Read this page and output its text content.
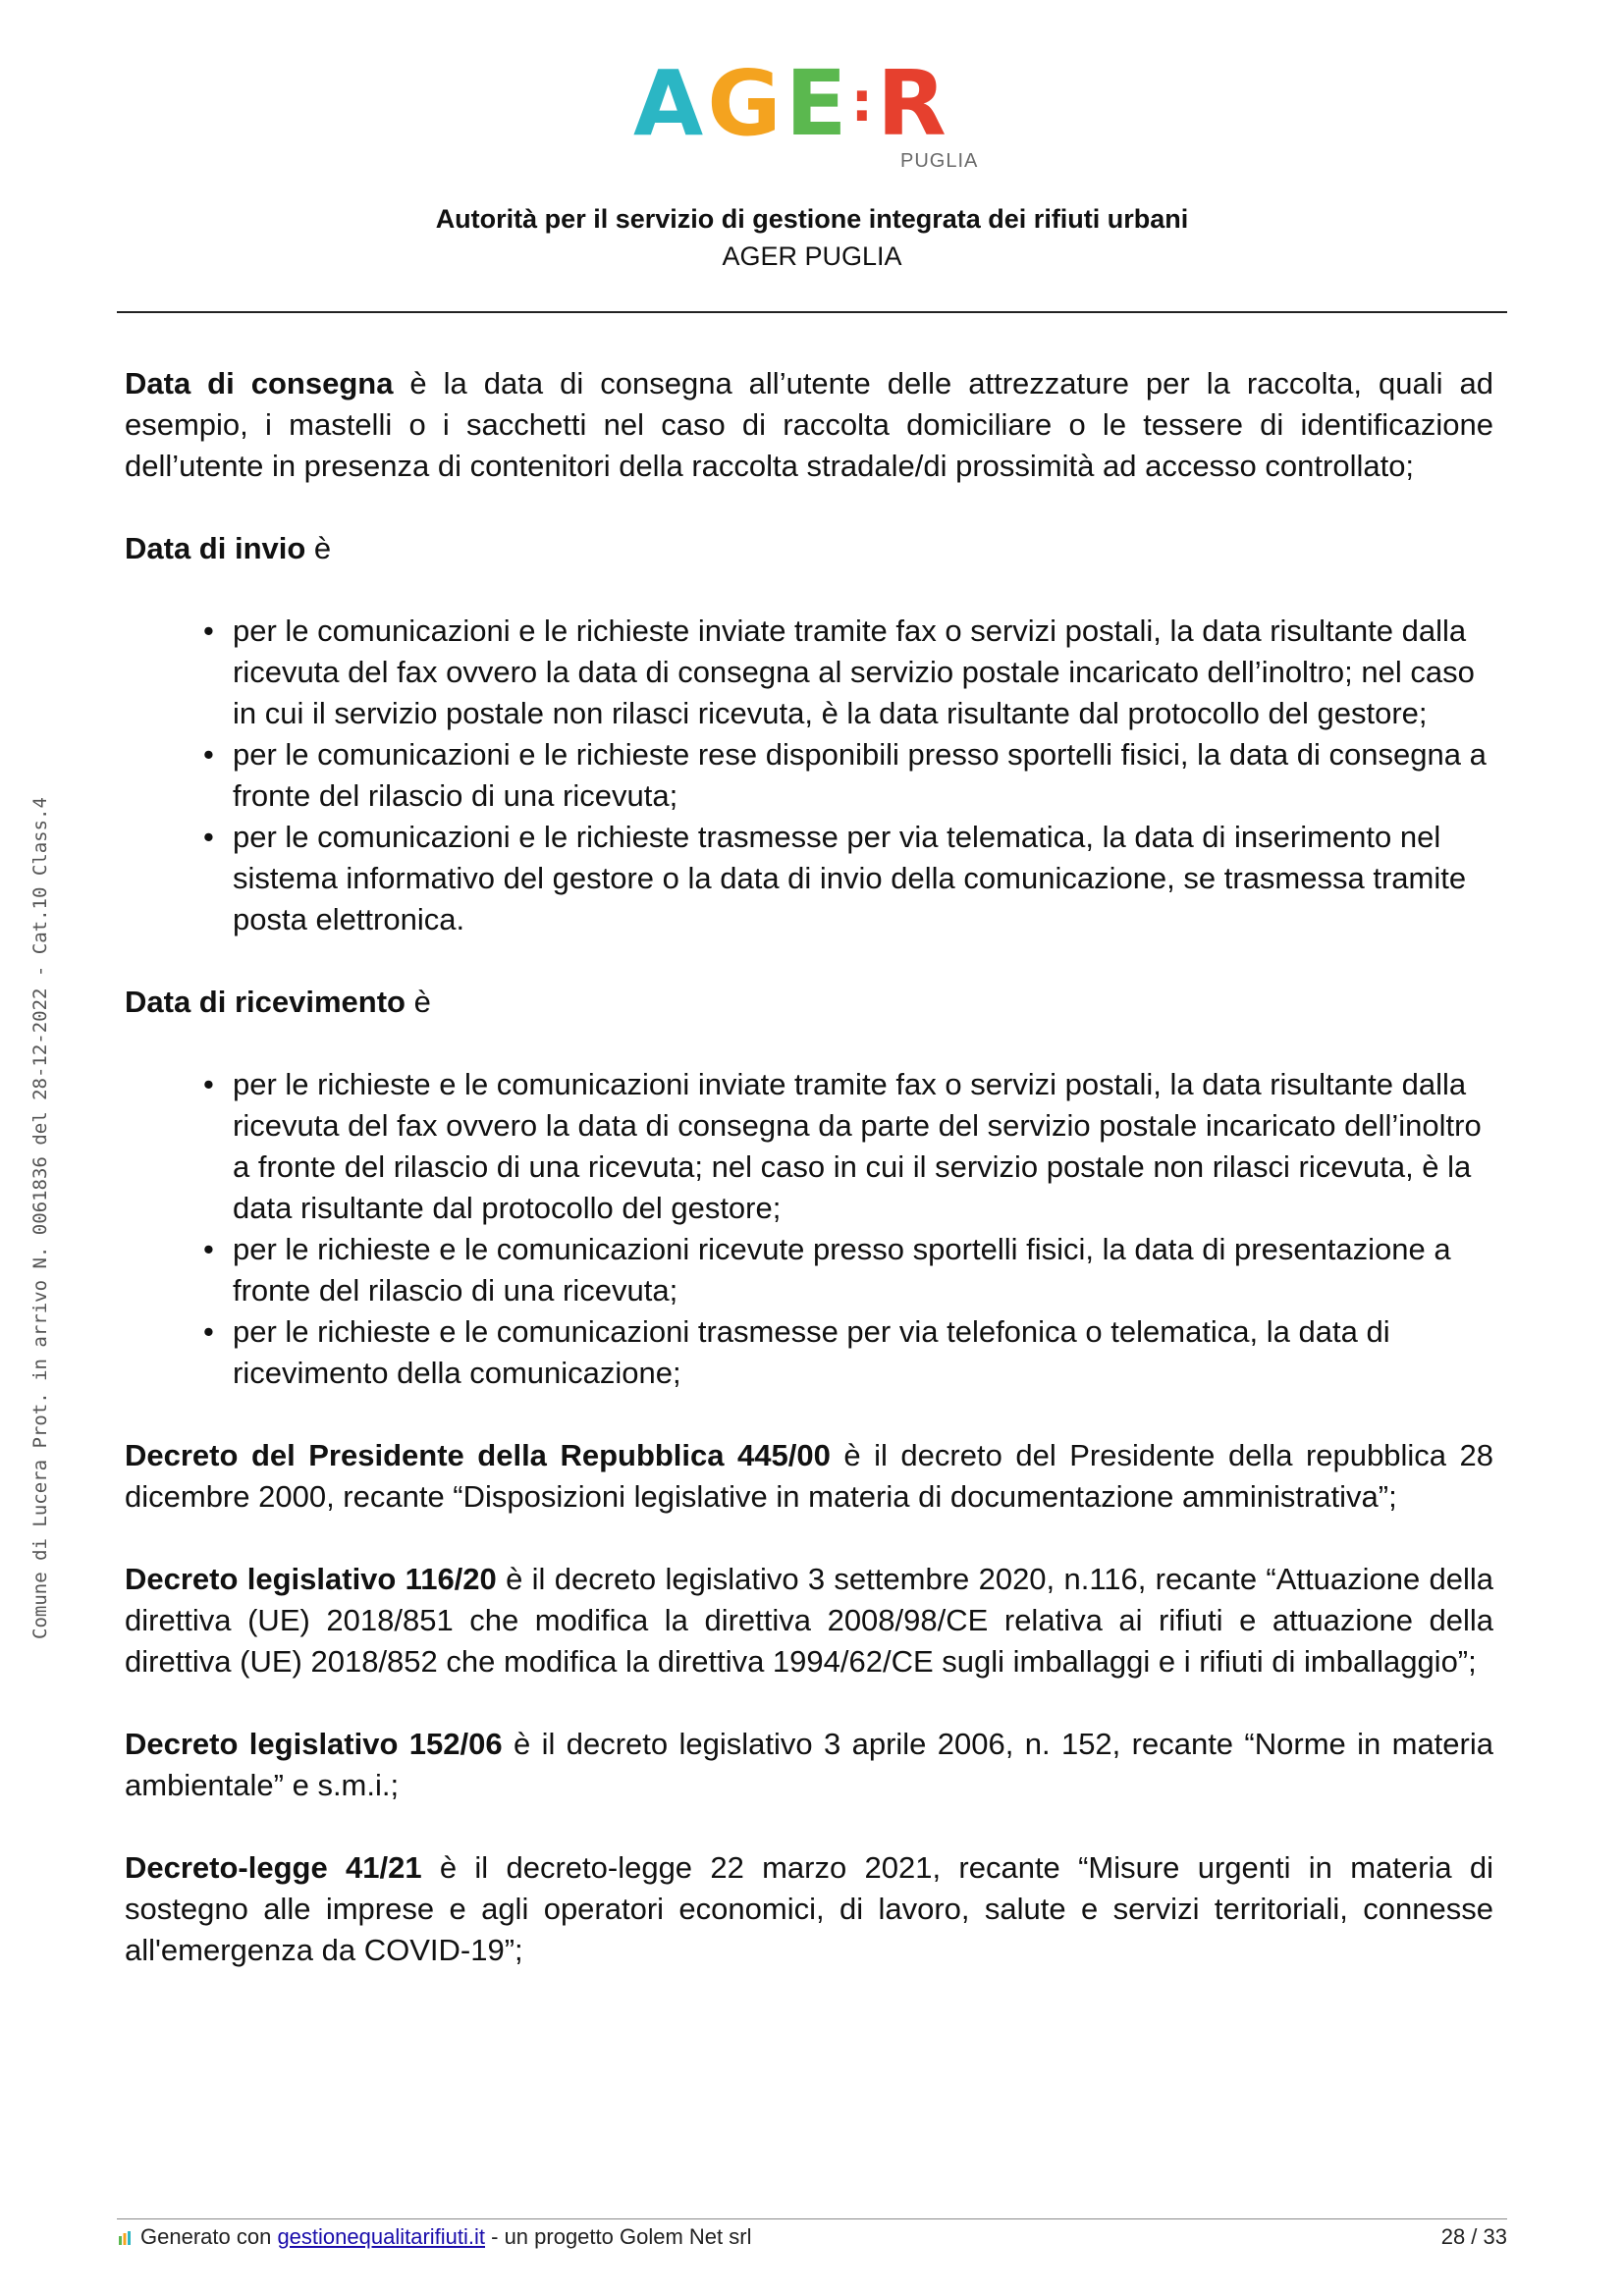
AGE:R
PUGLIA
Autorità per il servizio di gestione integrata dei rifiuti urbani
AGER PUGLIA
Comune di Lucera Prot. in arrivo N. 0061836 del 28-12-2022 - Cat.10 Class.4

Data di consegna è la data di consegna all’utente delle attrezzature per la raccolta, quali ad esempio, i mastelli o i sacchetti nel caso di raccolta domiciliare o le tessere di identificazione dell’utente in presenza di contenitori della raccolta stradale/di prossimità ad accesso controllato;

Data di invio è

• per le comunicazioni e le richieste inviate tramite fax o servizi postali, la data risultante dalla ricevuta del fax ovvero la data di consegna al servizio postale incaricato dell’inoltro; nel caso in cui il servizio postale non rilasci ricevuta, è la data risultante dal protocollo del gestore;
• per le comunicazioni e le richieste rese disponibili presso sportelli fisici, la data di consegna a fronte del rilascio di una ricevuta;
• per le comunicazioni e le richieste trasmesse per via telematica, la data di inserimento nel sistema informativo del gestore o la data di invio della comunicazione, se trasmessa tramite posta elettronica.

Data di ricevimento è

• per le richieste e le comunicazioni inviate tramite fax o servizi postali, la data risultante dalla ricevuta del fax ovvero la data di consegna da parte del servizio postale incaricato dell’inoltro a fronte del rilascio di una ricevuta; nel caso in cui il servizio postale non rilasci ricevuta, è la data risultante dal protocollo del gestore;
• per le richieste e le comunicazioni ricevute presso sportelli fisici, la data di presentazione a fronte del rilascio di una ricevuta;
• per le richieste e le comunicazioni trasmesse per via telefonica o telematica, la data di ricevimento della comunicazione;

Decreto del Presidente della Repubblica 445/00 è il decreto del Presidente della repubblica 28 dicembre 2000, recante “Disposizioni legislative in materia di documentazione amministrativa”;

Decreto legislativo 116/20 è il decreto legislativo 3 settembre 2020, n.116, recante “Attuazione della direttiva (UE) 2018/851 che modifica la direttiva 2008/98/CE relativa ai rifiuti e attuazione della direttiva (UE) 2018/852 che modifica la direttiva 1994/62/CE sugli imballaggi e i rifiuti di imballaggio”;

Decreto legislativo 152/06 è il decreto legislativo 3 aprile 2006, n. 152, recante “Norme in materia ambientale” e s.m.i.;

Decreto-legge 41/21 è il decreto-legge 22 marzo 2021, recante “Misure urgenti in materia di sostegno alle imprese e agli operatori economici, di lavoro, salute e servizi territoriali, connesse all'emergenza da COVID-19”;

Generato con gestionequalitarifiuti.it - un progetto Golem Net srl	28 / 33
